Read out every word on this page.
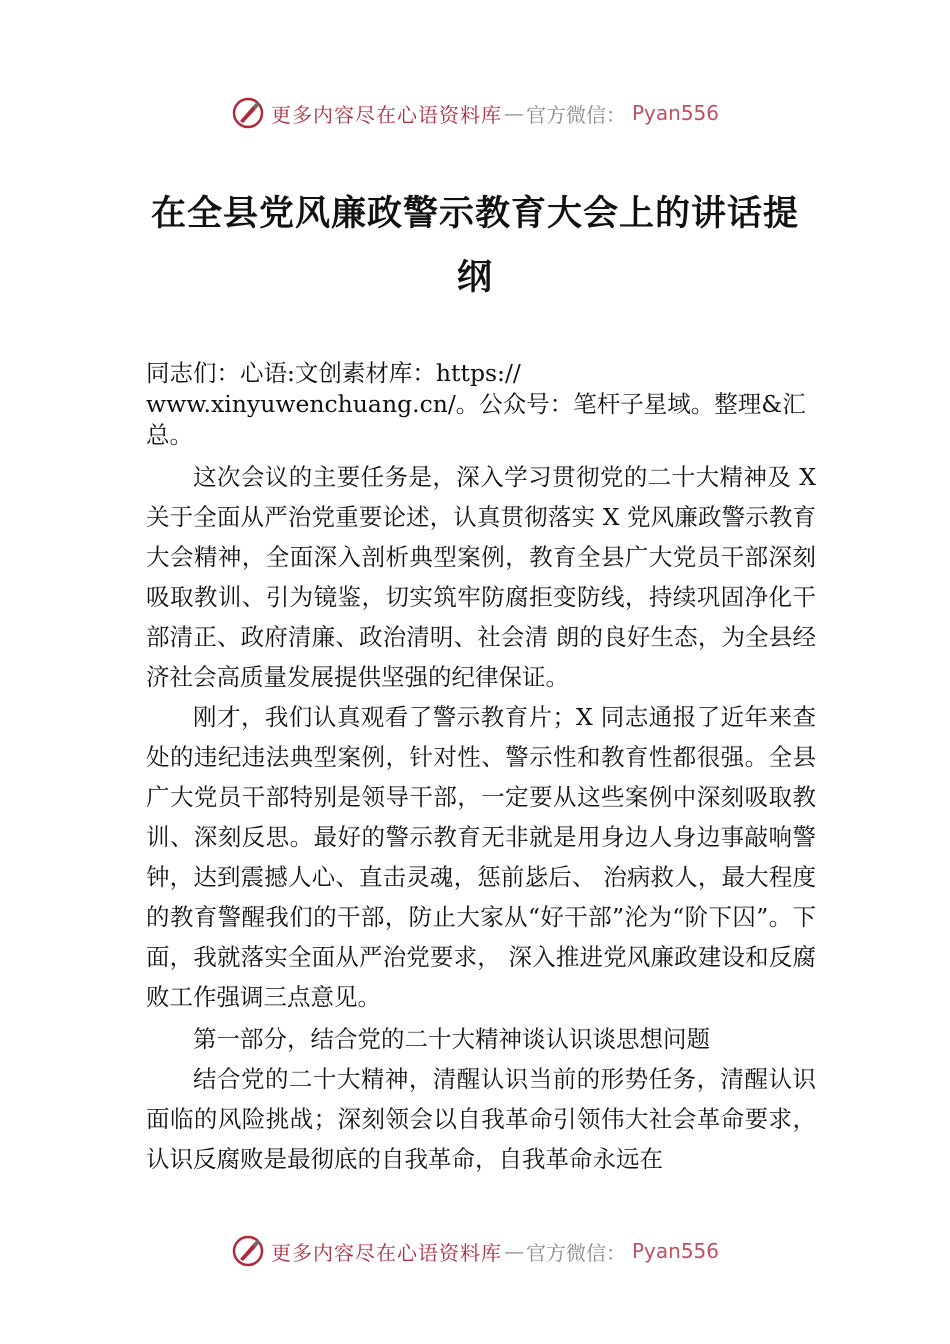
更多内容尽在心语资料库 — 官方微信： Pyan556
在全县党风廉政警示教育大会上的讲话提纲
同志们：心语:文创素材库：https:// www.xinyuwenchuang.cn/。公众号：笔杆子星域。整理&汇总。

这次会议的主要任务是，深入学习贯彻党的二十大精神及 X 关于全面从严治党重要论述，认真贯彻落实 X 党风廉政警示教育大会精神，全面深入剖析典型案例，教育全县广大党员干部深刻吸取教训、引为镜鉴，切实筑牢防腐拒变防线，持续巩固净化干部清正、政府清廉、政治清明、社会清 朗的良好生态，为全县经济社会高质量发展提供坚强的纪律保证。

刚才，我们认真观看了警示教育片；X 同志通报了近年来查处的违纪违法典型案例，针对性、警示性和教育性都很强。全县广大党员干部特别是领导干部，一定要从这些案例中深刻吸取教训、深刻反思。最好的警示教育无非就是用身边人身边事敲响警钟，达到震撼人心、直击灵魂，惩前毖后、 治病救人，最大程度的教育警醒我们的干部，防止大家从“好干部”沦为“阶下囚”。下面，我就落实全面从严治党要求， 深入推进党风廉政建设和反腐败工作强调三点意见。

第一部分，结合党的二十大精神谈认识谈思想问题

结合党的二十大精神，清醒认识当前的形势任务，清醒认识面临的风险挑战；深刻领会以自我革命引领伟大社会革命要求，认识反腐败是最彻底的自我革命，自我革命永远在

更多内容尽在心语资料库 — 官方微信： Pyan556
